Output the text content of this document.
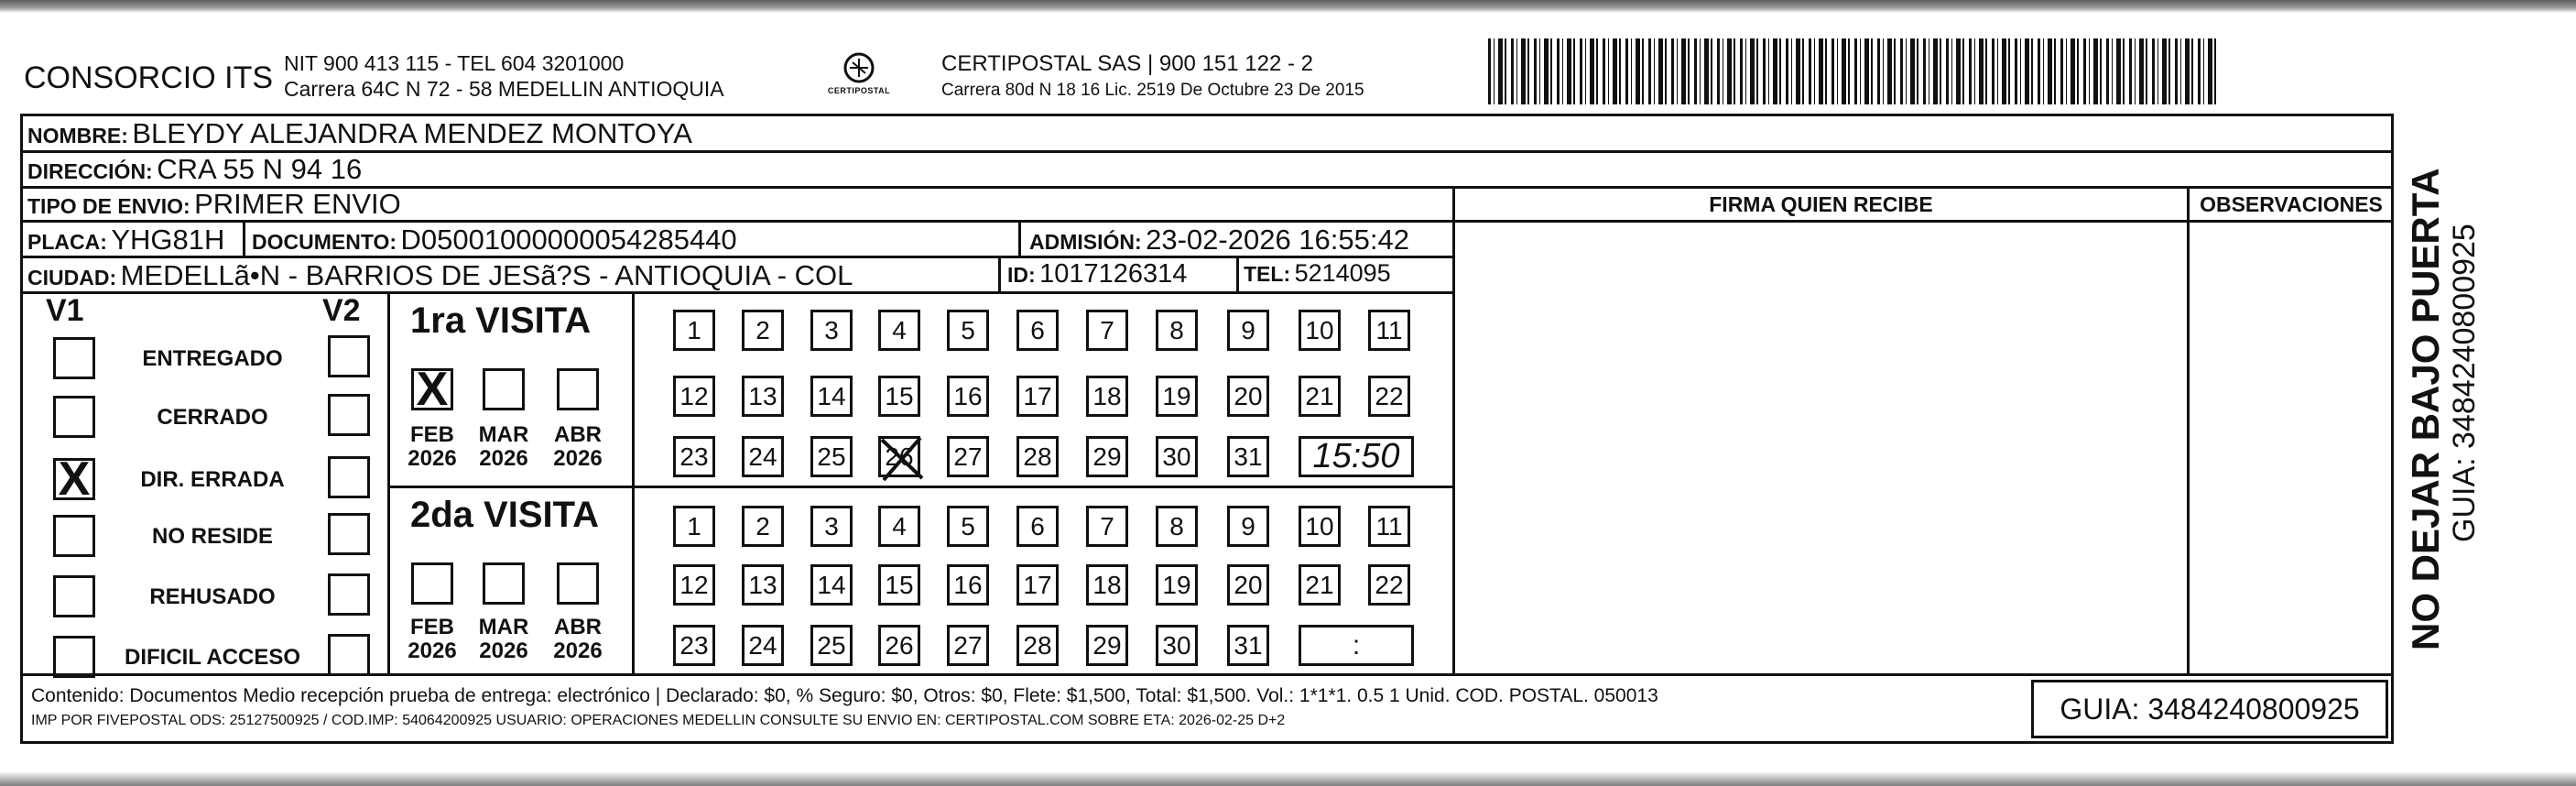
CONSORCIO ITS NIT 900 413 115 - TEL 604 3201000
Carrera 64C N 72 - 58 MEDELLIN ANTIOQUIA	CERTIPOSTAL
CERTIPOSTAL SAS | 900 151 122 - 2
Carrera 80d N 18 16 Lic. 2519 De Octubre 23 De 2015
NOMBRE: BLEYDY ALEJANDRA MENDEZ MONTOYA
DIRECCIÓN: CRA 55 N 94 16
TIPO DE ENVIO: PRIMER ENVIO
PLACA: YHG81H DOCUMENTO: D05001000000054285440	ADMISIÓN: 23-02-2026 16:55:42
CIUDAD: MEDELLã•N - BARRIOS DE JESã?S - ANTIOQUIA - COL	ID: 1017126314	TEL: 5214095
FIRMA QUIEN RECIBE	OBSERVACIONES
V1	V2
ENTREGADO
CERRADO
X	DIR. ERRADA
NO RESIDE
REHUSADO
DIFICIL ACCESO
1ra VISITA
2da VISITA
X
FEB
2026
MAR
2026
ABR
2026
1	2	3	4	5	6	7	8	9	10	11
12 13 14 15 16 17 18 19 20 21 22
23 24 25 26 27 28 29 30 31	15:50
FEB
2026
MAR
2026
ABR
2026
1	2	3	4	5	6	7	8	9	10	11
12 13 14 15 16 17 18 19 20 21 22
23 24 25 26 27 28 29 30 31	:
Contenido: Documentos Medio recepción prueba de entrega: electrónico | Declarado: $0, % Seguro: $0, Otros: $0, Flete: $1,500, Total: $1,500. Vol.: 1*1*1. 0.5 1 Unid. COD. POSTAL. 050013
IMP POR FIVEPOSTAL ODS: 25127500925 / COD.IMP: 54064200925 USUARIO: OPERACIONES MEDELLIN CONSULTE SU ENVIO EN: CERTIPOSTAL.COM SOBRE ETA: 2026-02-25 D+2	GUIA: 3484240800925
NO DEJAR BAJO PUERTA GUIA: 3484240800925
